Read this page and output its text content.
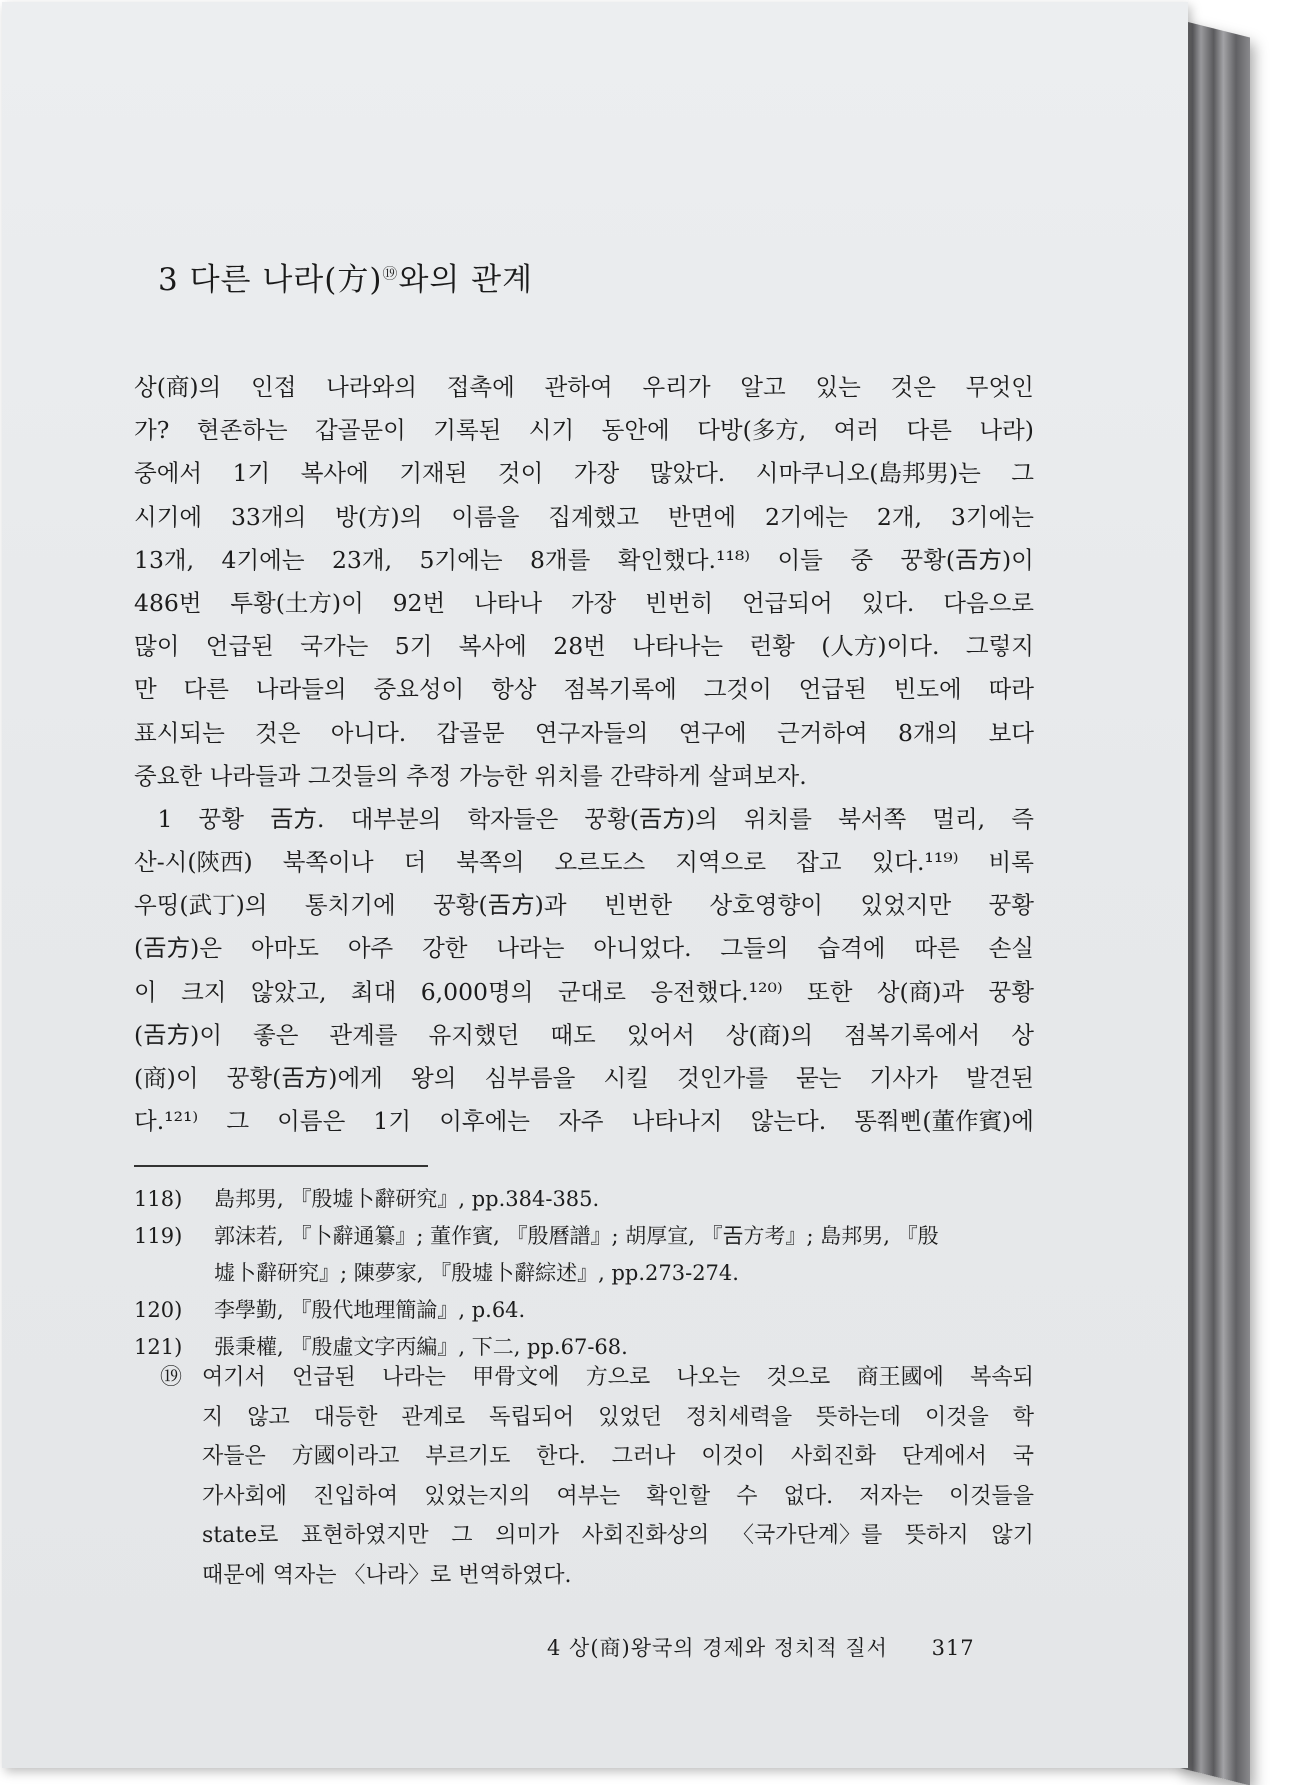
3 다른 나라(方)⑲와의 관계
상(商)의 인접 나라와의 접촉에 관하여 우리가 알고 있는 것은 무엇인
가? 현존하는 갑골문이 기록된 시기 동안에 다방(多方, 여러 다른 나라)
중에서 1기 복사에 기재된 것이 가장 많았다. 시마쿠니오(島邦男)는 그
시기에 33개의 방(方)의 이름을 집계했고 반면에 2기에는 2개, 3기에는
13개, 4기에는 23개, 5기에는 8개를 확인했다.¹¹⁸⁾ 이들 중 꿍황(𢀛方)이
486번 투황(土方)이 92번 나타나 가장 빈번히 언급되어 있다. 다음으로
많이 언급된 국가는 5기 복사에 28번 나타나는 런황 (人方)이다. 그렇지
만 다른 나라들의 중요성이 항상 점복기록에 그것이 언급된 빈도에 따라
표시되는 것은 아니다. 갑골문 연구자들의 연구에 근거하여 8개의 보다
중요한 나라들과 그것들의 추정 가능한 위치를 간략하게 살펴보자.
 1 꿍황 𢀛方. 대부분의 학자들은 꿍황(𢀛方)의 위치를 북서쪽 멀리, 즉
산-시(陝西) 북쪽이나 더 북쪽의 오르도스 지역으로 잡고 있다.¹¹⁹⁾ 비록
우띵(武丁)의 통치기에 꿍황(𢀛方)과 빈번한 상호영향이 있었지만 꿍황
(𢀛方)은 아마도 아주 강한 나라는 아니었다. 그들의 습격에 따른 손실
이 크지 않았고, 최대 6,000명의 군대로 응전했다.¹²⁰⁾ 또한 상(商)과 꿍황
(𢀛方)이 좋은 관계를 유지했던 때도 있어서 상(商)의 점복기록에서 상
(商)이 꿍황(𢀛方)에게 왕의 심부름을 시킬 것인가를 묻는 기사가 발견된
다.¹²¹⁾ 그 이름은 1기 이후에는 자주 나타나지 않는다. 똥쭤삔(董作賓)에
118)	島邦男, 『殷墟卜辭研究』, pp.384-385.
119)	郭沫若, 『卜辭通纂』; 董作賓, 『殷曆譜』; 胡厚宣, 『𢀛方考』; 島邦男, 『殷
墟卜辭研究』; 陳夢家, 『殷墟卜辭綜述』, pp.273-274.
120)	李學勤, 『殷代地理簡論』, p.64.
121)	張秉權, 『殷虛文字丙編』, 下二, pp.67-68.
⑲ 여기서 언급된 나라는 甲骨文에 方으로 나오는 것으로 商王國에 복속되
지 않고 대등한 관계로 독립되어 있었던 정치세력을 뜻하는데 이것을 학
자들은 方國이라고 부르기도 한다. 그러나 이것이 사회진화 단계에서 국
가사회에 진입하여 있었는지의 여부는 확인할 수 없다. 저자는 이것들을
state로 표현하였지만 그 의미가 사회진화상의 〈국가단계〉를 뜻하지 않기
때문에 역자는 〈나라〉로 번역하였다.
4 상(商)왕국의 경제와 정치적 질서 317
